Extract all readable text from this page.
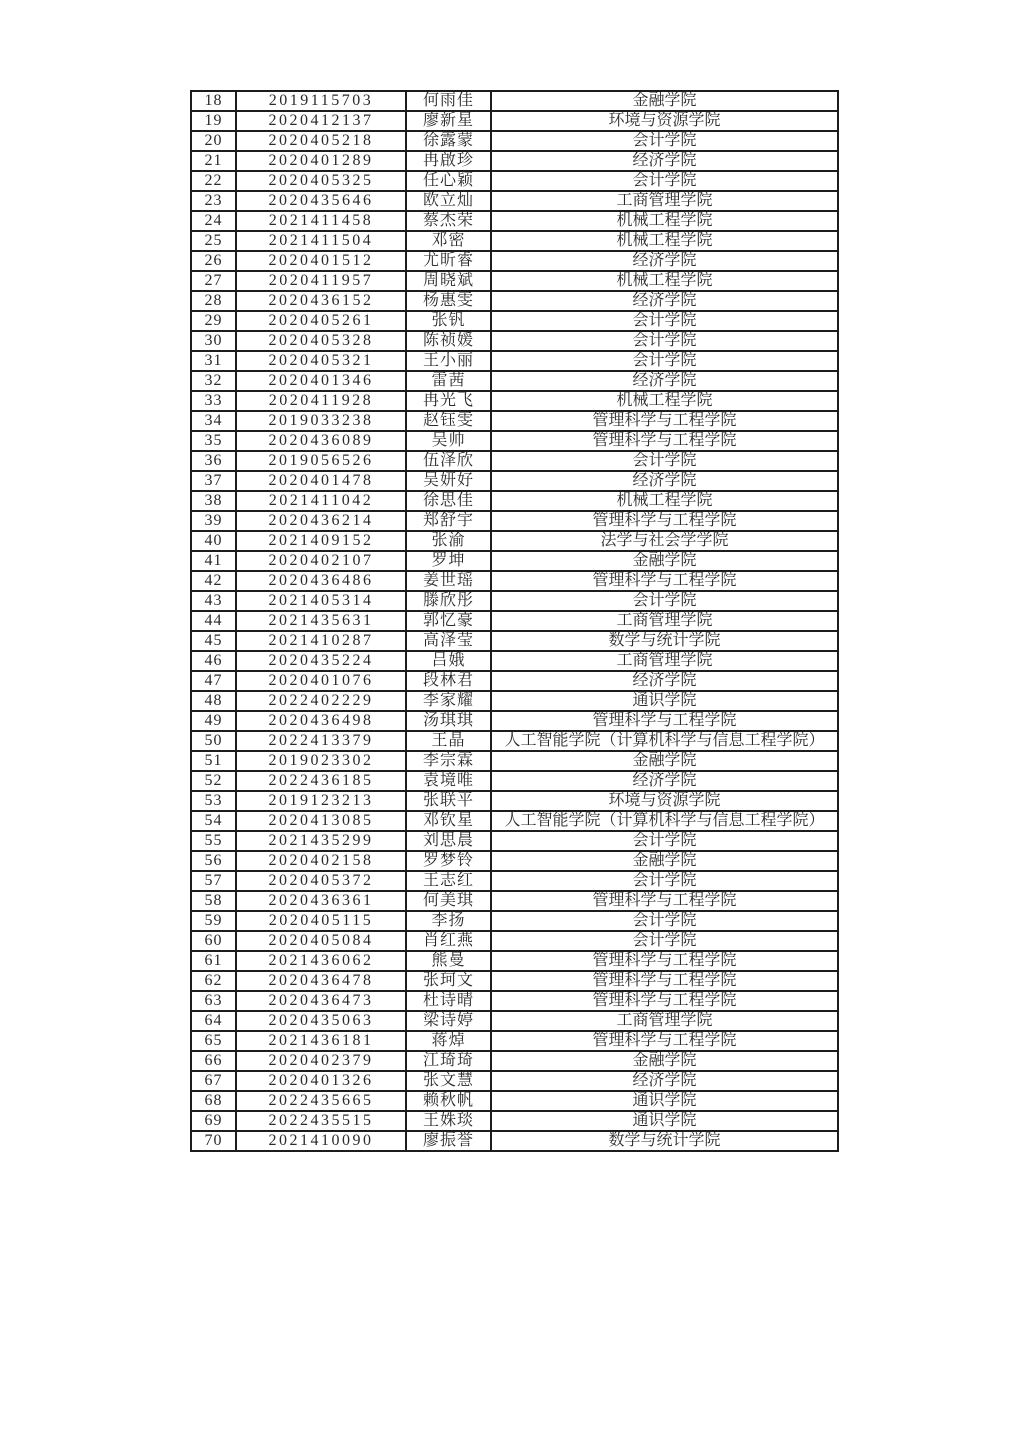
18	2019115703	何雨佳	金融学院
19	2020412137	廖新星	环境与资源学院
20	2020405218	徐露蒙	会计学院
21	2020401289	冉啟珍	经济学院
22	2020405325	任心颖	会计学院
23	2020435646	欧立灿	工商管理学院
24	2021411458	蔡杰荣	机械工程学院
25	2021411504	邓密	机械工程学院
26	2020401512	尤昕睿	经济学院
27	2020411957	周晓斌	机械工程学院
28	2020436152	杨惠雯	经济学院
29	2020405261	张钒	会计学院
30	2020405328	陈祯媛	会计学院
31	2020405321	王小丽	会计学院
32	2020401346	雷茜	经济学院
33	2020411928	冉光飞	机械工程学院
34	2019033238	赵钰雯	管理科学与工程学院
35	2020436089	吴帅	管理科学与工程学院
36	2019056526	伍泽欣	会计学院
37	2020401478	吴妍好	经济学院
38	2021411042	徐思佳	机械工程学院
39	2020436214	郑舒宇	管理科学与工程学院
40	2021409152	张渝	法学与社会学学院
41	2020402107	罗坤	金融学院
42	2020436486	姜世瑶	管理科学与工程学院
43	2021405314	滕欣彤	会计学院
44	2021435631	郭忆豪	工商管理学院
45	2021410287	高泽莹	数学与统计学院
46	2020435224	吕娥	工商管理学院
47	2020401076	段林君	经济学院
48	2022402229	李家耀	通识学院
49	2020436498	汤琪琪	管理科学与工程学院
50	2022413379	王晶	人工智能学院（计算机科学与信息工程学院）
51	2019023302	李宗霖	金融学院
52	2022436185	袁境唯	经济学院
53	2019123213	张联平	环境与资源学院
54	2020413085	邓钦星	人工智能学院（计算机科学与信息工程学院）
55	2021435299	刘思晨	会计学院
56	2020402158	罗梦铃	金融学院
57	2020405372	王志红	会计学院
58	2020436361	何美琪	管理科学与工程学院
59	2020405115	李扬	会计学院
60	2020405084	肖红燕	会计学院
61	2021436062	熊曼	管理科学与工程学院
62	2020436478	张珂文	管理科学与工程学院
63	2020436473	杜诗晴	管理科学与工程学院
64	2020435063	梁诗婷	工商管理学院
65	2021436181	蒋焯	管理科学与工程学院
66	2020402379	江琦琦	金融学院
67	2020401326	张文慧	经济学院
68	2022435665	赖秋帆	通识学院
69	2022435515	王姝琰	通识学院
70	2021410090	廖振誉	数学与统计学院
